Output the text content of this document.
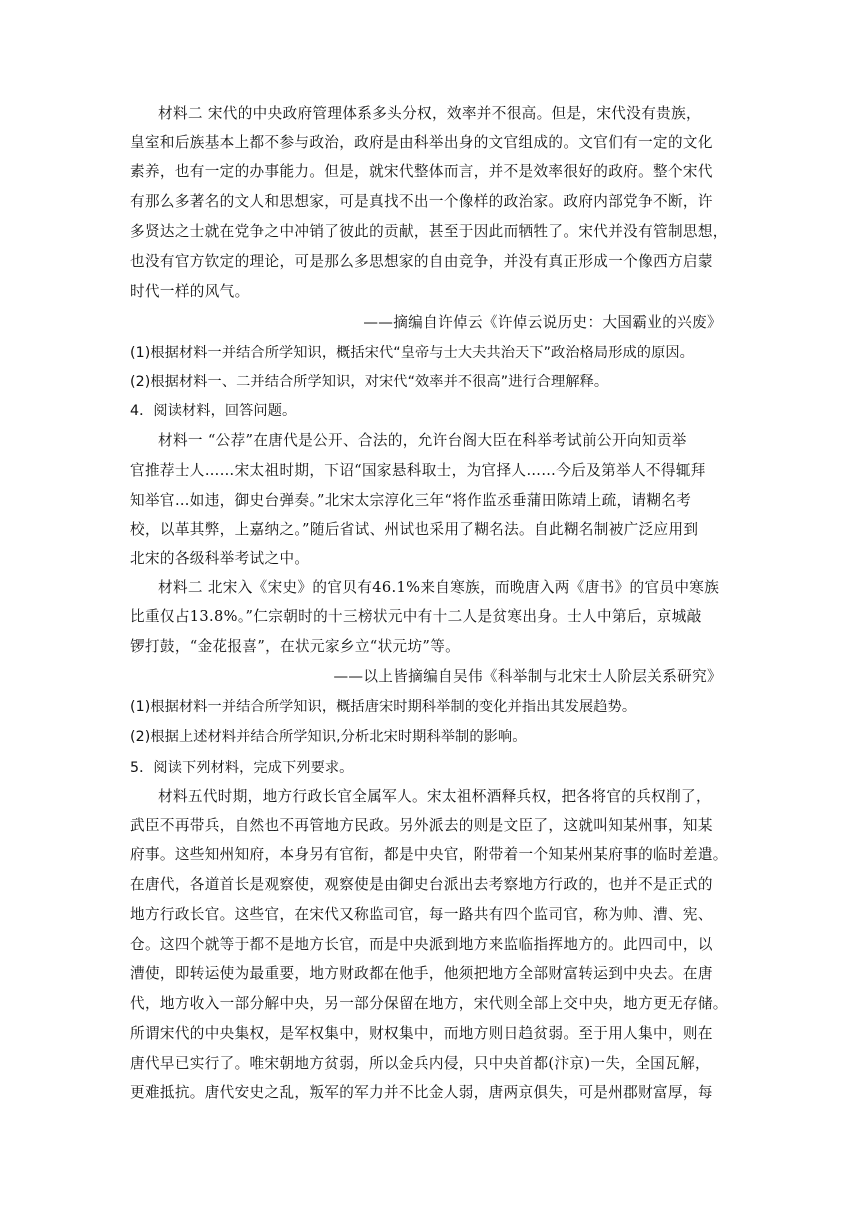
材料二 宋代的中央政府管理体系多头分权，效率并不很高。但是，宋代没有贵族，
皇室和后族基本上都不参与政治，政府是由科举出身的文官组成的。文官们有一定的文化
素养，也有一定的办事能力。但是，就宋代整体而言，并不是效率很好的政府。整个宋代
有那么多著名的文人和思想家，可是真找不出一个像样的政治家。政府内部党争不断，许
多贤达之士就在党争之中冲销了彼此的贡献，甚至于因此而牺牲了。宋代并没有管制思想，
也没有官方钦定的理论，可是那么多思想家的自由竞争，并没有真正形成一个像西方启蒙
时代一样的风气。
——摘编自许倬云《许倬云说历史：大国霸业的兴废》
(1)根据材料一并结合所学知识，概括宋代“皇帝与士大夫共治天下”政治格局形成的原因。
(2)根据材料一、二并结合所学知识，对宋代“效率并不很高”进行合理解释。
4．阅读材料，回答问题。
材料一 “公荐”在唐代是公开、合法的，允许台阁大臣在科举考试前公开向知贡举
官推荐士人……宋太祖时期，下诏“国家悬科取士，为官择人……今后及第举人不得辄拜
知举官…如违，御史台弹奏。”北宋太宗淳化三年“将作监丞垂蒲田陈靖上疏，请糊名考
校，以革其弊，上嘉纳之。”随后省试、州试也采用了糊名法。自此糊名制被广泛应用到
北宋的各级科举考试之中。
材料二 北宋入《宋史》的官贝有46.1%来自寒族，而晚唐入两《唐书》的官员中寒族
比重仅占13.8%。”仁宗朝时的十三榜状元中有十二人是贫寒出身。士人中第后，京城敲
锣打鼓，“金花报喜”，在状元家乡立“状元坊”等。
——以上皆摘编自吴伟《科举制与北宋士人阶层关系研究》
(1)根据材料一并结合所学知识，概括唐宋时期科举制的变化并指出其发展趋势。
(2)根据上述材料并结合所学知识,分析北宋时期科举制的影响。
5．阅读下列材料，完成下列要求。
材料五代时期，地方行政长官全属军人。宋太祖杯酒释兵权，把各将官的兵权削了，
武臣不再带兵，自然也不再管地方民政。另外派去的则是文臣了，这就叫知某州事，知某
府事。这些知州知府，本身另有官衔，都是中央官，附带着一个知某州某府事的临时差遣。
在唐代，各道首长是观察使，观察使是由御史台派出去考察地方行政的，也并不是正式的
地方行政长官。这些官，在宋代又称监司官，每一路共有四个监司官，称为帅、漕、宪、
仓。这四个就等于都不是地方长官，而是中央派到地方来监临指挥地方的。此四司中，以
漕使，即转运使为最重要，地方财政都在他手，他须把地方全部财富转运到中央去。在唐
代，地方收入一部分解中央，另一部分保留在地方，宋代则全部上交中央，地方更无存储。
所谓宋代的中央集权，是军权集中，财权集中，而地方则日趋贫弱。至于用人集中，则在
唐代早已实行了。唯宋朝地方贫弱，所以金兵内侵，只中央首都(汴京)一失，全国瓦解，
更难抵抗。唐代安史之乱，叛军的军力并不比金人弱，唐两京俱失，可是州郡财富厚，每
